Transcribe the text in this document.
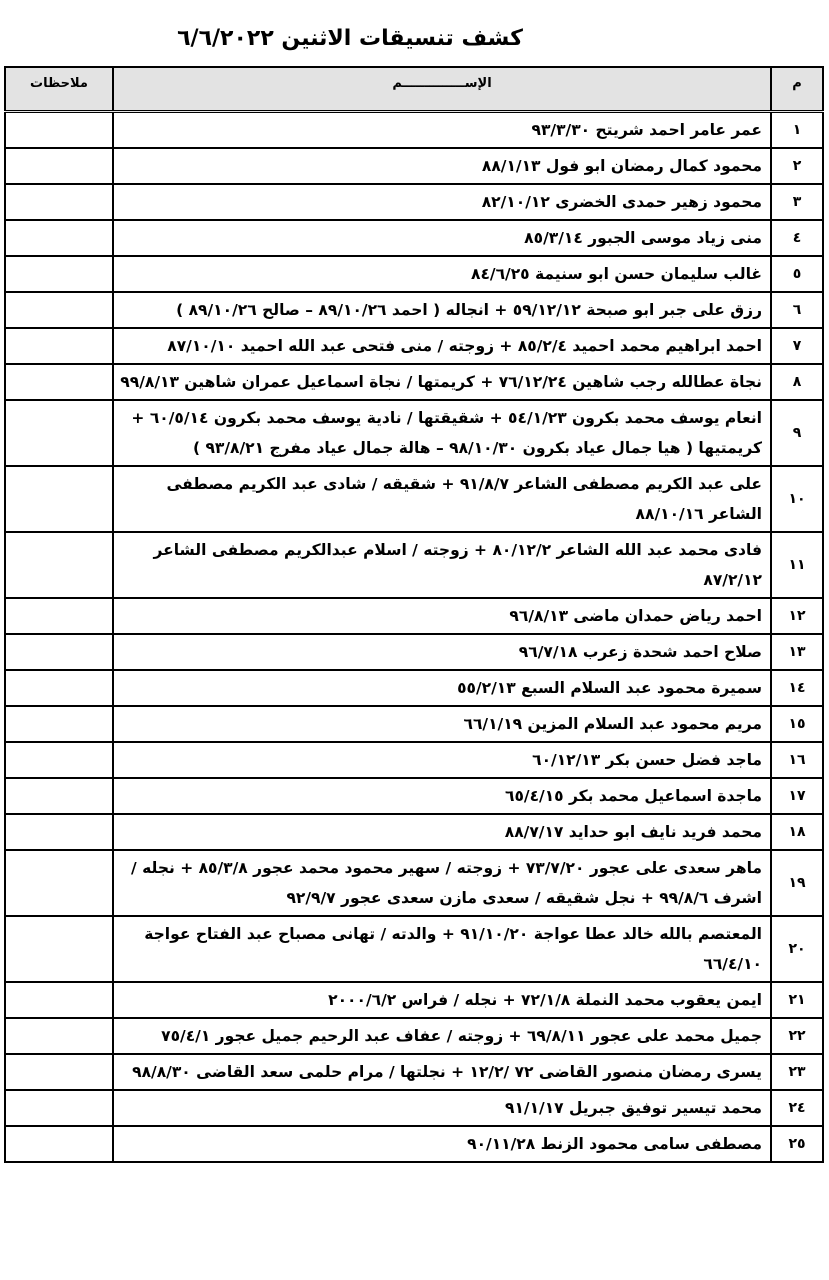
كشف تنسيقات الاثنين ٦/٦/٢٠٢٢
م	الإســــــــــــــم	ملاحظات
١	عمر عامر احمد شريتح ٩٣/٣/٣٠	
٢	محمود كمال رمضان ابو فول ٨٨/١/١٣	
٣	محمود زهير حمدى الخضرى ٨٢/١٠/١٢	
٤	منى زياد موسى الجبور ٨٥/٣/١٤	
٥	غالب سليمان حسن ابو سنيمة ٨٤/٦/٢٥	
٦	رزق على جبر ابو صبحة ٥٩/١٢/١٢ + انجاله ( احمد ٨٩/١٠/٢٦ – صالح ٨٩/١٠/٢٦ )	
٧	احمد ابراهيم محمد احميد ٨٥/٢/٤ + زوجته / منى فتحى عبد الله احميد ٨٧/١٠/١٠	
٨	نجاة عطالله رجب شاهين ٧٦/١٢/٢٤ + كريمتها / نجاة اسماعيل عمران شاهين ٩٩/٨/١٣	
٩	انعام يوسف محمد بكرون ٥٤/١/٢٣ + شقيقتها / نادية يوسف محمد بكرون ٦٠/٥/١٤ + كريمتيها ( هيا جمال عياد بكرون ٩٨/١٠/٣٠ – هالة جمال عياد مفرج ٩٣/٨/٢١ )	
١٠	على عبد الكريم مصطفى الشاعر ٩١/٨/٧ + شقيقه / شادى عبد الكريم مصطفى الشاعر ٨٨/١٠/١٦	
١١	فادى محمد عبد الله الشاعر ٨٠/١٢/٢ + زوجته / اسلام عبدالكريم مصطفى الشاعر ٨٧/٢/١٢	
١٢	احمد رياض حمدان ماضى ٩٦/٨/١٣	
١٣	صلاح احمد شحدة زعرب ٩٦/٧/١٨	
١٤	سميرة محمود عبد السلام السبع ٥٥/٢/١٣	
١٥	مريم محمود عبد السلام المزين ٦٦/١/١٩	
١٦	ماجد فضل حسن بكر ٦٠/١٢/١٣	
١٧	ماجدة اسماعيل محمد بكر ٦٥/٤/١٥	
١٨	محمد فريد نايف ابو حدايد ٨٨/٧/١٧	
١٩	ماهر سعدى على عجور ٧٣/٧/٢٠ + زوجته / سهير محمود محمد عجور ٨٥/٣/٨ + نجله / اشرف ٩٩/٨/٦ + نجل شقيقه / سعدى مازن سعدى عجور ٩٢/٩/٧	
٢٠	المعتصم بالله خالد عطا عواجة ٩١/١٠/٢٠ + والدته / تهانى مصباح عبد الفتاح عواجة ٦٦/٤/١٠	
٢١	ايمن يعقوب محمد النملة ٧٢/١/٨ + نجله / فراس ٢٠٠٠/٦/٢	
٢٢	جميل محمد على عجور ٦٩/٨/١١ + زوجته / عفاف عبد الرحيم جميل عجور ٧٥/٤/١	
٢٣	يسرى رمضان منصور القاضى ٧٢ /١٢/٢ + نجلتها / مرام حلمى سعد القاضى ٩٨/٨/٣٠	
٢٤	محمد تيسير توفيق جبريل ٩١/١/١٧	
٢٥	مصطفى سامى محمود الزنط ٩٠/١١/٢٨	
